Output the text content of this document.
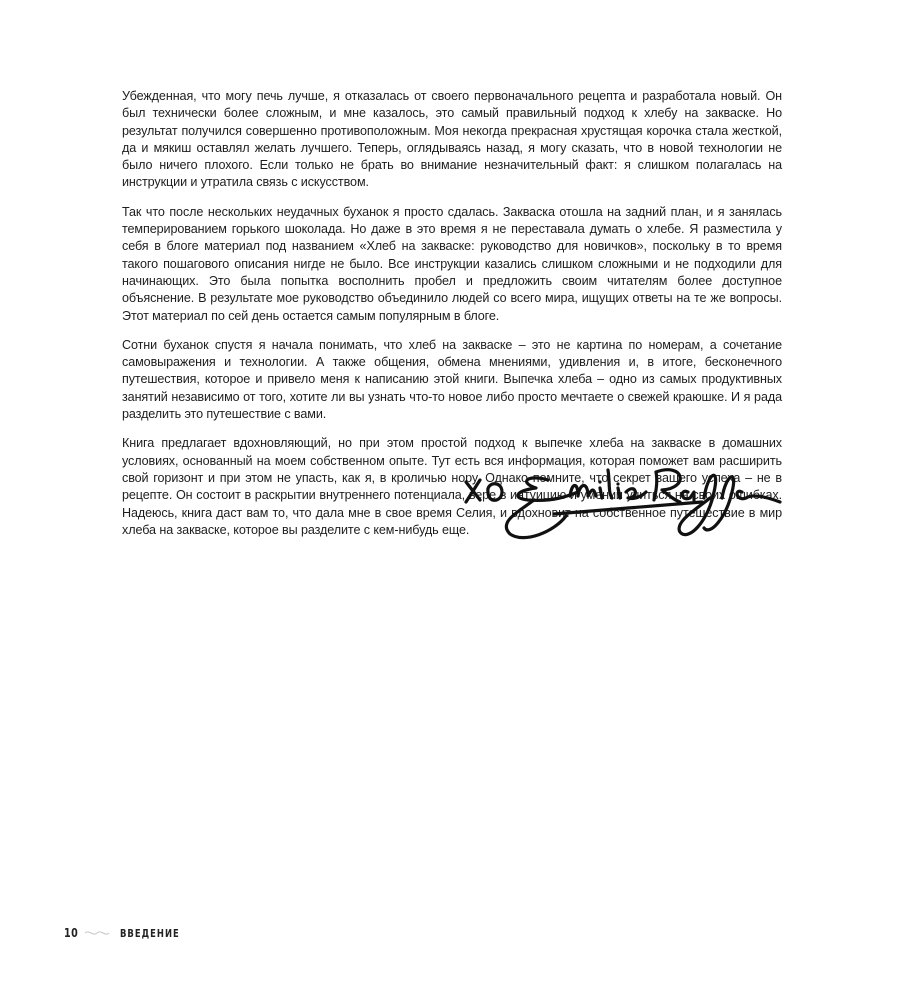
Убежденная, что могу печь лучше, я отказалась от своего первоначального рецепта и разработала новый. Он был технически более сложным, и мне казалось, это самый правильный подход к хлебу на закваске. Но результат получился совершенно противоположным. Моя некогда прекрасная хрустящая корочка стала жесткой, да и мякиш оставлял желать лучшего. Теперь, оглядываясь назад, я могу сказать, что в новой технологии не было ничего плохого. Если только не брать во внимание незначительный факт: я слишком полагалась на инструкции и утратила связь с искусством.

Так что после нескольких неудачных буханок я просто сдалась. Закваска отошла на задний план, и я занялась темперированием горького шоколада. Но даже в это время я не переставала думать о хлебе. Я разместила у себя в блоге материал под названием «Хлеб на закваске: руководство для новичков», поскольку в то время такого пошагового описания нигде не было. Все инструкции казались слишком сложными и не подходили для начинающих. Это была попытка восполнить пробел и предложить своим читателям более доступное объяснение. В результате мое руководство объединило людей со всего мира, ищущих ответы на те же вопросы. Этот материал по сей день остается самым популярным в блоге.

Сотни буханок спустя я начала понимать, что хлеб на закваске – это не картина по номерам, а сочетание самовыражения и технологии. А также общения, обмена мнениями, удивления и, в итоге, бесконечного путешествия, которое и привело меня к написанию этой книги. Выпечка хлеба – одно из самых продуктивных занятий независимо от того, хотите ли вы узнать что-то новое либо просто мечтаете о свежей краюшке. И я рада разделить это путешествие с вами.

Книга предлагает вдохновляющий, но при этом простой подход к выпечке хлеба на закваске в домашних условиях, основанный на моем собственном опыте. Тут есть вся информация, которая поможет вам расширить свой горизонт и при этом не упасть, как я, в кроличью нору. Однако помните, что секрет вашего успеха – не в рецепте. Он состоит в раскрытии внутреннего потенциала, вере в интуицию и умении учиться на своих ошибках. Надеюсь, книга даст вам то, что дала мне в свое время Селия, и вдохновит на собственное путешествие в мир хлеба на закваске, которое вы разделите с кем-нибудь еще.

10	ВВЕДЕНИЕ
